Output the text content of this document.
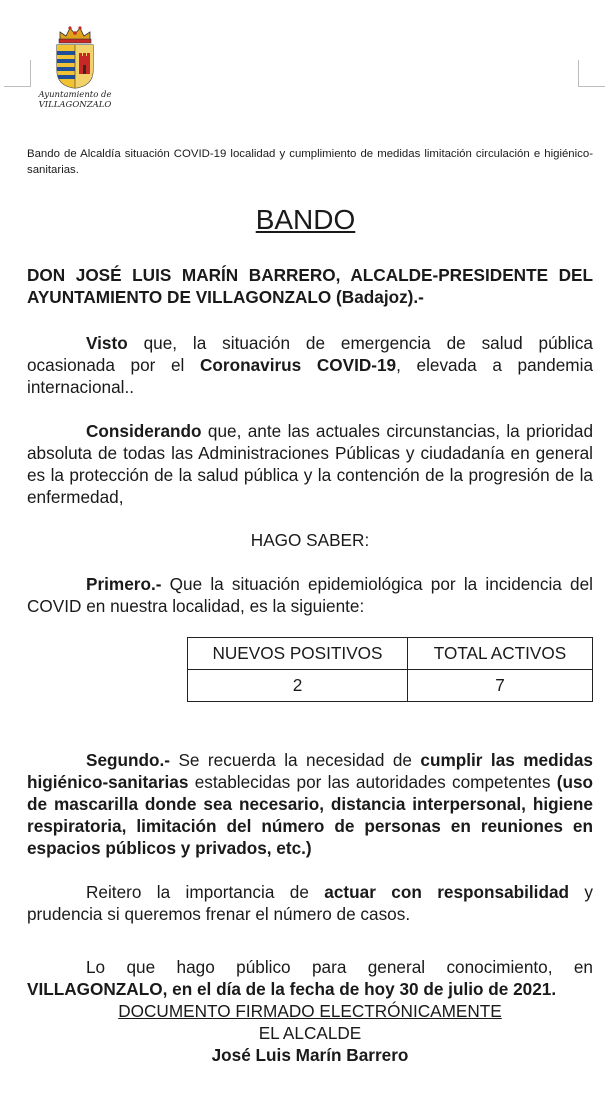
Ayuntamiento de
VILLAGONZALO
Bando de Alcaldía situación COVID-19 localidad y cumplimiento de medidas limitación circulación e higiénico-sanitarias.
BANDO
DON JOSÉ LUIS MARÍN BARRERO, ALCALDE-PRESIDENTE DEL AYUNTAMIENTO DE VILLAGONZALO (Badajoz).-
Visto que, la situación de emergencia de salud pública ocasionada por el Coronavirus COVID-19, elevada a pandemia internacional..
Considerando que, ante las actuales circunstancias, la prioridad absoluta de todas las Administraciones Públicas y ciudadanía en general es la protección de la salud pública y la contención de la progresión de la enfermedad,
HAGO SABER:
Primero.- Que la situación epidemiológica por la incidencia del COVID en nuestra localidad, es la siguiente:
NUEVOS POSITIVOS	TOTAL ACTIVOS
2	7
Segundo.- Se recuerda la necesidad de cumplir las medidas higiénico-sanitarias establecidas por las autoridades competentes (uso de mascarilla donde sea necesario, distancia interpersonal, higiene respiratoria, limitación del número de personas en reuniones en espacios públicos y privados, etc.)
Reitero la importancia de actuar con responsabilidad y prudencia si queremos frenar el número de casos.
Lo que hago público para general conocimiento, en VILLAGONZALO, en el día de la fecha de hoy 30 de julio de 2021.
DOCUMENTO FIRMADO ELECTRÓNICAMENTE
EL ALCALDE
José Luis Marín Barrero
